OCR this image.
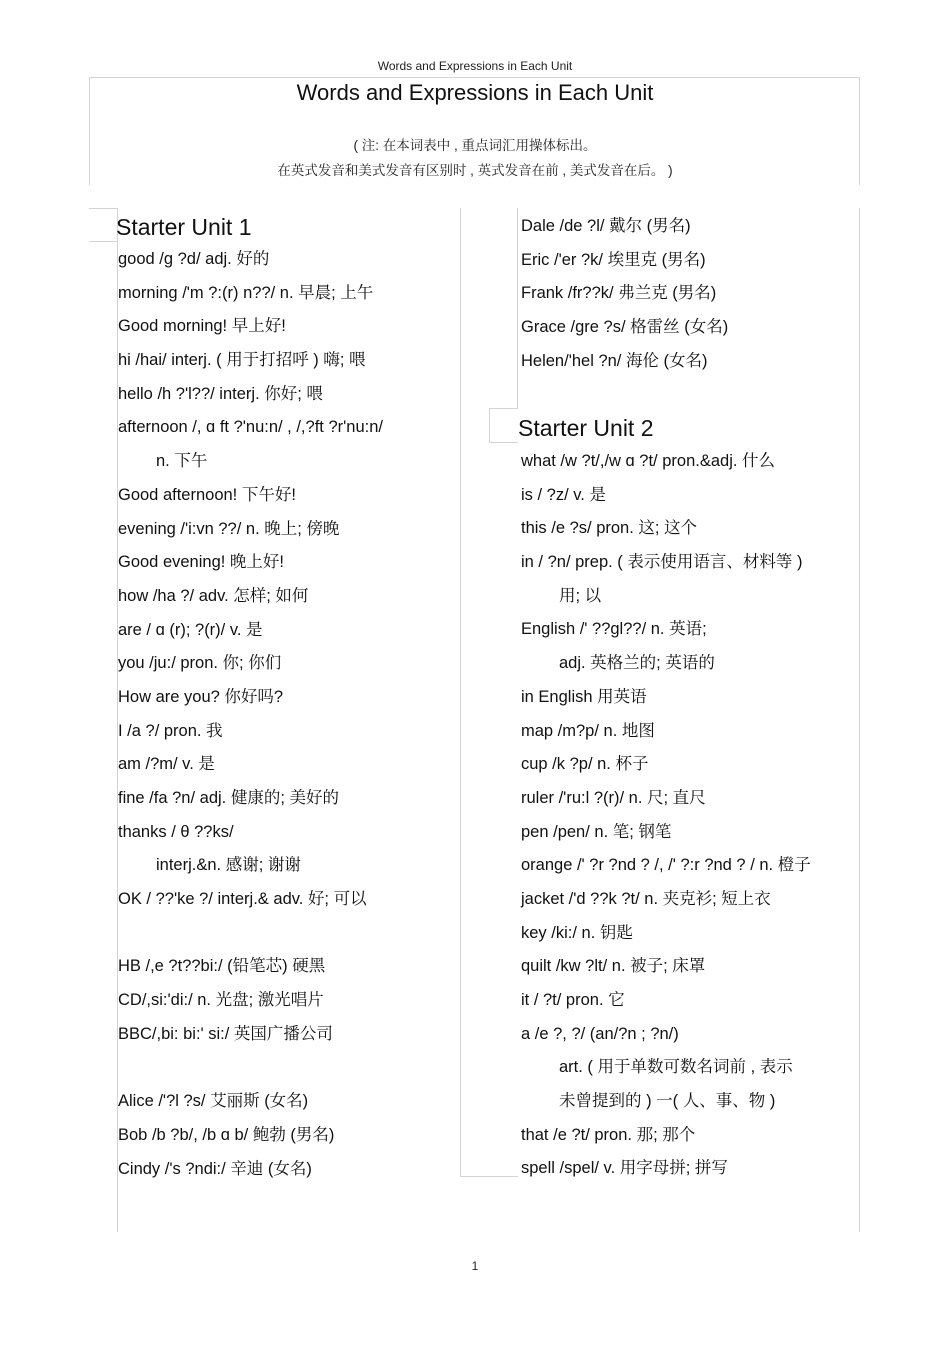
Words and Expressions in Each Unit
Words and Expressions in Each Unit
( 注: 在本词表中 , 重点词汇用操体标出。
在英式发音和美式发音有区别时 , 英式发音在前 , 美式发音在后。 )
Starter Unit 1
good /g ?d/ adj. 好的
morning /'m ?:(r) n??/ n. 早晨; 上午
Good morning! 早上好!
hi /hai/ interj. ( 用于打招呼 ) 嗨; 喂
hello /h ?'l??/ interj. 你好; 喂
afternoon /, ɑ ft ?'nu:n/ , /,?ft ?r'nu:n/
n. 下午
Good afternoon! 下午好!
evening /'i:vn ??/ n. 晚上; 傍晚
Good evening! 晚上好!
how /ha ?/ adv. 怎样; 如何
are / ɑ (r); ?(r)/ v. 是
you /ju:/ pron. 你; 你们
How are you? 你好吗?
I /a ?/ pron. 我
am /?m/ v. 是
fine /fa ?n/ adj. 健康的; 美好的
thanks / θ ??ks/
interj.&n. 感谢; 谢谢
OK / ??'ke ?/ interj.& adv. 好; 可以
HB /,e ?t??bi:/ (铅笔芯) 硬黑
CD/,si:'di:/ n. 光盘; 激光唱片
BBC/,bi: bi:' si:/ 英国广播公司
Alice /'?l ?s/ 艾丽斯 (女名)
Bob /b ?b/, /b ɑ b/ 鲍勃 (男名)
Cindy /'s ?ndi:/ 辛迪 (女名)
Dale /de ?l/ 戴尔 (男名)
Eric /'er ?k/ 埃里克 (男名)
Frank /fr??k/ 弗兰克 (男名)
Grace /gre ?s/ 格雷丝 (女名)
Helen/'hel ?n/ 海伦 (女名)
Starter Unit 2
what /w ?t/,/w ɑ ?t/ pron.&adj. 什么
is / ?z/ v. 是
this /e ?s/ pron. 这; 这个
in / ?n/ prep. ( 表示使用语言、材料等 )
用; 以
English /' ??gl??/ n. 英语;
adj. 英格兰的; 英语的
in English 用英语
map /m?p/ n. 地图
cup /k ?p/ n. 杯子
ruler /'ru:l ?(r)/ n. 尺; 直尺
pen /pen/ n. 笔; 钢笔
orange /' ?r ?nd ? /, /' ?:r ?nd ? / n. 橙子
jacket /'d ??k ?t/ n. 夹克衫; 短上衣
key /ki:/ n. 钥匙
quilt /kw ?lt/ n. 被子; 床罩
it / ?t/ pron. 它
a /e ?, ?/ (an/?n ; ?n/)
art. ( 用于单数可数名词前 , 表示
未曾提到的 ) 一( 人、事、物 )
that /e ?t/ pron. 那; 那个
spell /spel/ v. 用字母拼; 拼写
1
